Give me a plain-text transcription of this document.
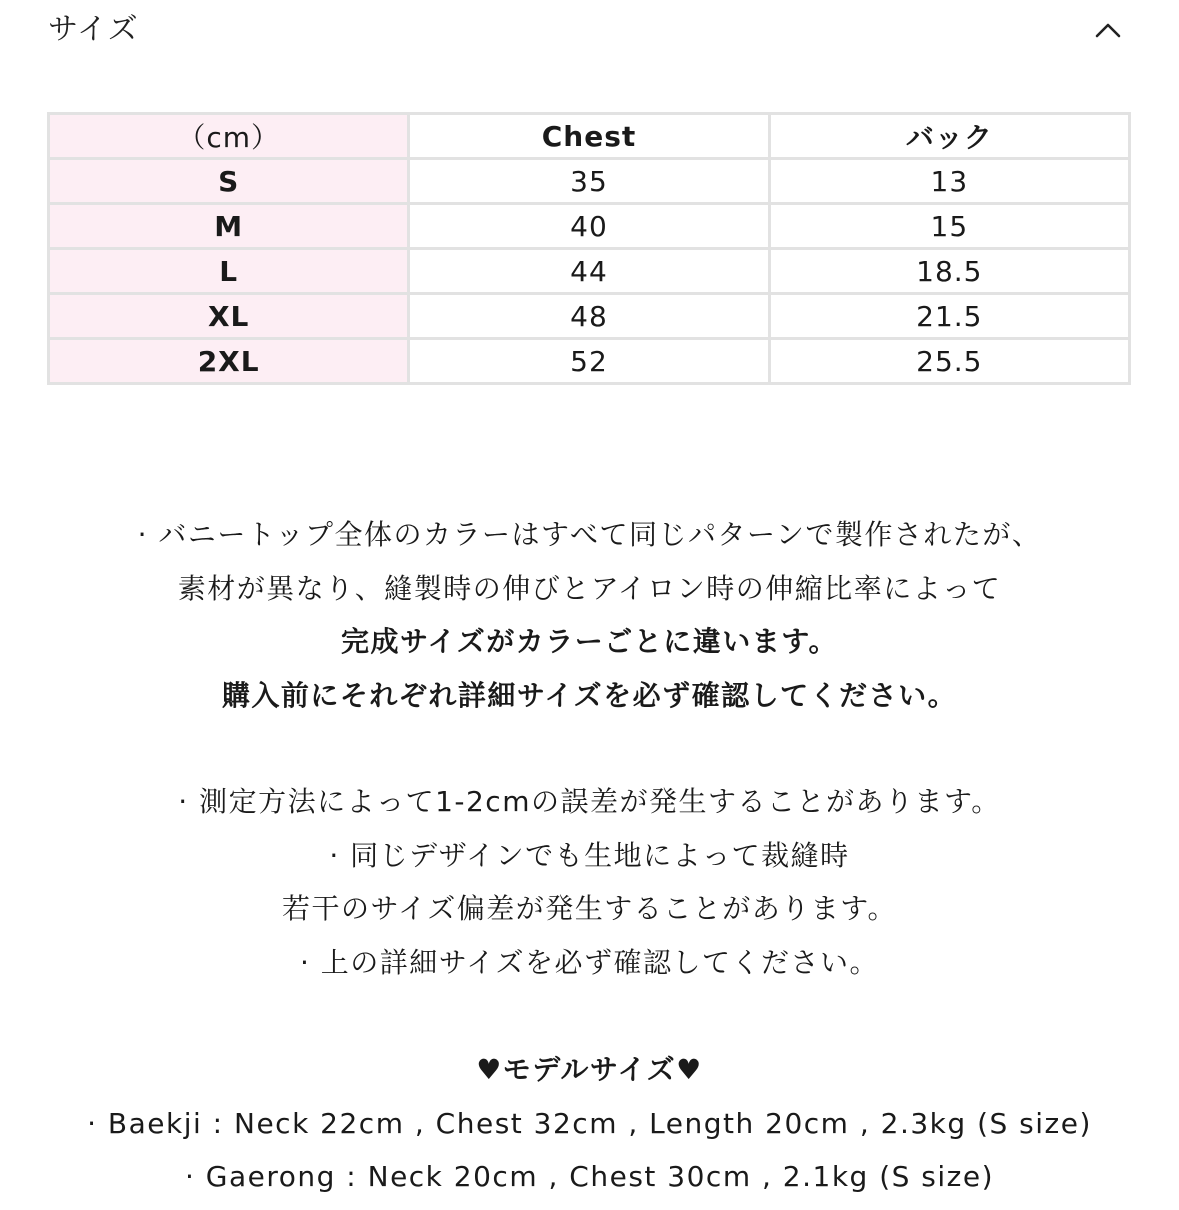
サイズ
（cm）	Chest	バック
S	35	13
M	40	15
L	44	18.5
XL	48	21.5
2XL	52	25.5

· バニートップ全体のカラーはすべて同じパターンで製作されたが、

素材が異なり、縫製時の伸びとアイロン時の伸縮比率によって

完成サイズがカラーごとに違います。

購入前にそれぞれ詳細サイズを必ず確認してください。

· 測定方法によって1-2cmの誤差が発生することがあります。

· 同じデザインでも生地によって裁縫時

若干のサイズ偏差が発生することがあります。

· 上の詳細サイズを必ず確認してください。

♥モデルサイズ♥

· Baekji : Neck 22cm , Chest 32cm , Length 20cm , 2.3kg (S size)

· Gaerong : Neck 20cm , Chest 30cm , 2.1kg (S size)
